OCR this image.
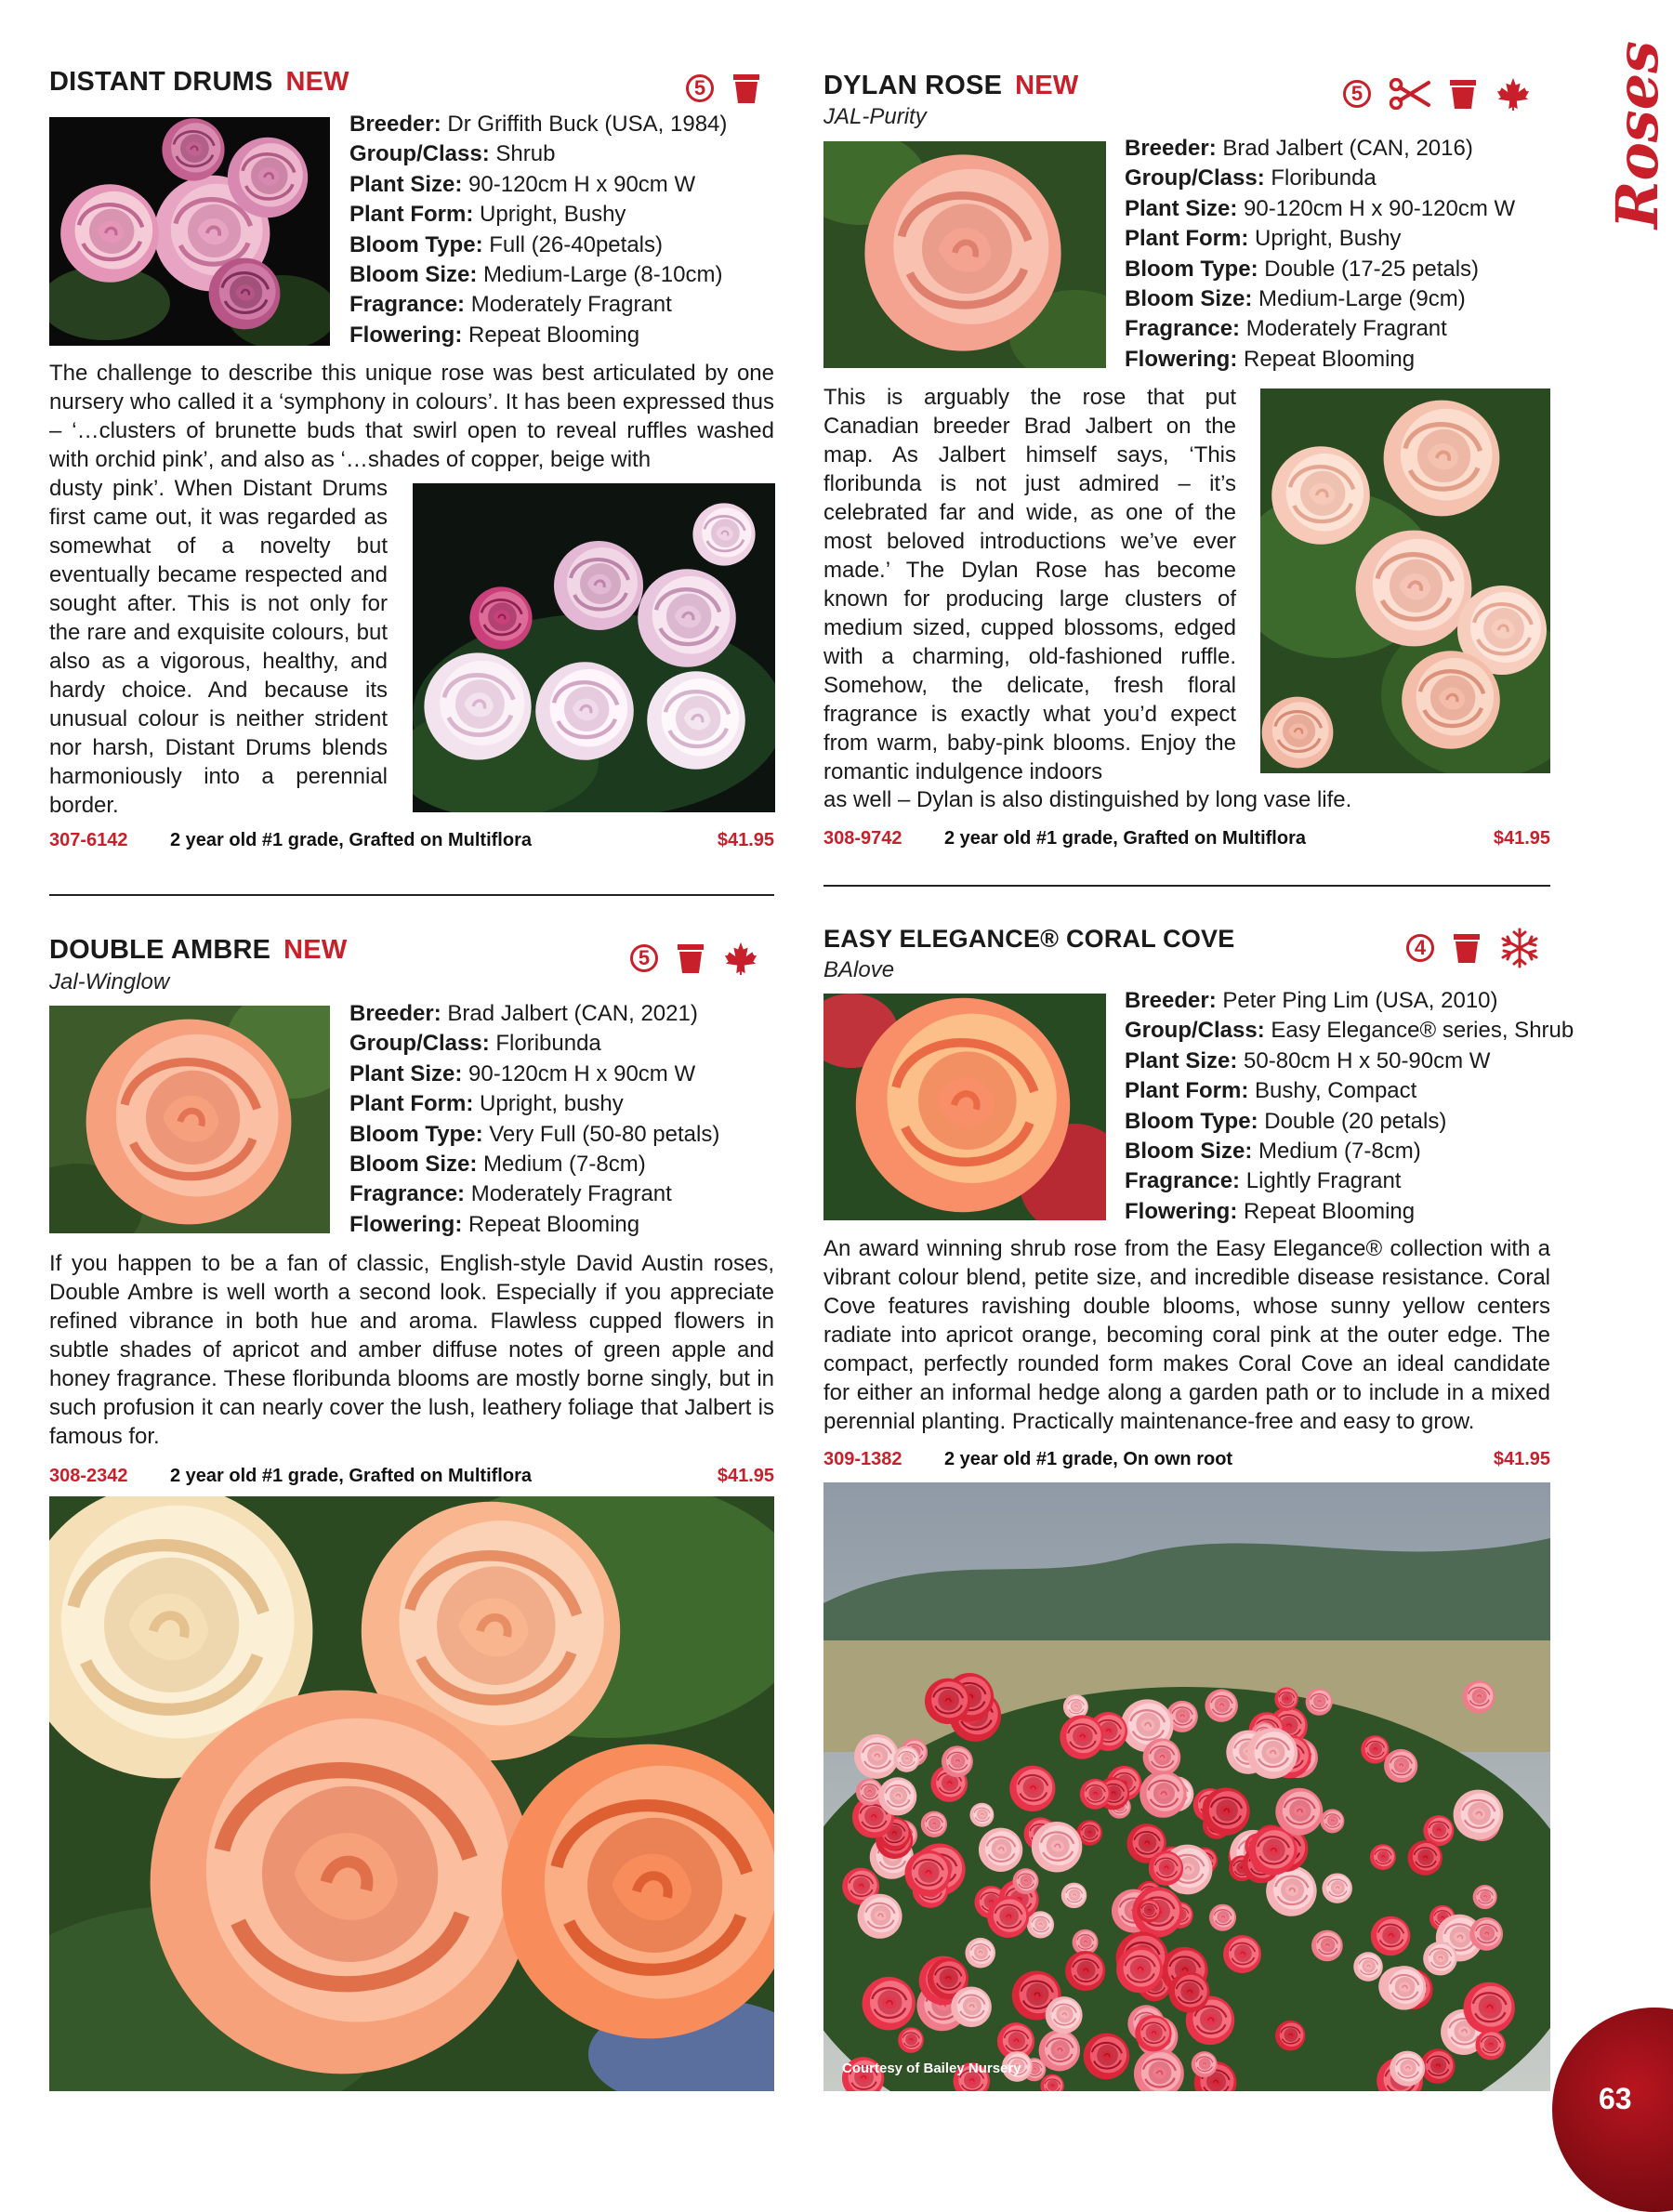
Roses
DISTANT DRUMS NEW	5
Breeder: Dr Griffith Buck (USA, 1984)
Group/Class: Shrub
Plant Size: 90-120cm H x 90cm W
Plant Form: Upright, Bushy
Bloom Type: Full (26-40petals)
Bloom Size: Medium-Large (8-10cm)
Fragrance: Moderately Fragrant
Flowering: Repeat Blooming
The challenge to describe this unique rose was best articulated by one nursery who called it a ‘symphony in colours’. It has been expressed thus – ‘…clusters of brunette buds that swirl open to reveal ruffles washed with orchid pink’, and also as ‘…shades of copper, beige with
dusty pink’. When Distant Drums first came out, it was regarded as somewhat of a novelty but eventually became respected and sought after. This is not only for the rare and exquisite colours, but also as a vigorous, healthy, and hardy choice. And because its unusual colour is neither strident nor harsh, Distant Drums blends harmoniously into a perennial border.
307-6142	2 year old #1 grade, Grafted on Multiflora	$41.95
DYLAN ROSE NEW
JAL-Purity
5
Breeder: Brad Jalbert (CAN, 2016)
Group/Class: Floribunda
Plant Size: 90-120cm H x 90-120cm W
Plant Form: Upright, Bushy
Bloom Type: Double (17-25 petals)
Bloom Size: Medium-Large (9cm)
Fragrance: Moderately Fragrant
Flowering: Repeat Blooming
This is arguably the rose that put Canadian breeder Brad Jalbert on the map. As Jalbert himself says, ‘This floribunda is not just admired – it’s celebrated far and wide, as one of the most beloved introductions we’ve ever made.’ The Dylan Rose has become known for producing large clusters of medium sized, cupped blossoms, edged with a charming, old-fashioned ruffle. Somehow, the delicate, fresh floral fragrance is exactly what you’d expect from warm, baby-pink blooms. Enjoy the romantic indulgence indoors
as well – Dylan is also distinguished by long vase life.
308-9742	2 year old #1 grade, Grafted on Multiflora	$41.95
DOUBLE AMBRE NEW
Jal-Winglow
5
Breeder: Brad Jalbert (CAN, 2021)
Group/Class: Floribunda
Plant Size: 90-120cm H x 90cm W
Plant Form: Upright, bushy
Bloom Type: Very Full (50-80 petals)
Bloom Size: Medium (7-8cm)
Fragrance: Moderately Fragrant
Flowering: Repeat Blooming
If you happen to be a fan of classic, English-style David Austin roses, Double Ambre is well worth a second look. Especially if you appreciate refined vibrance in both hue and aroma. Flawless cupped flowers in subtle shades of apricot and amber diffuse notes of green apple and honey fragrance. These floribunda blooms are mostly borne singly, but in such profusion it can nearly cover the lush, leathery foliage that Jalbert is famous for.
308-2342	2 year old #1 grade, Grafted on Multiflora	$41.95
EASY ELEGANCE® CORAL COVE
BAlove
4
Breeder: Peter Ping Lim (USA, 2010)
Group/Class: Easy Elegance® series, Shrub
Plant Size: 50-80cm H x 50-90cm W
Plant Form: Bushy, Compact
Bloom Type: Double (20 petals)
Bloom Size: Medium (7-8cm)
Fragrance: Lightly Fragrant
Flowering: Repeat Blooming
An award winning shrub rose from the Easy Elegance® collection with a vibrant colour blend, petite size, and incredible disease resistance. Coral Cove features ravishing double blooms, whose sunny yellow centers radiate into apricot orange, becoming coral pink at the outer edge. The compact, perfectly rounded form makes Coral Cove an ideal candidate for either an informal hedge along a garden path or to include in a mixed perennial planting. Practically maintenance-free and easy to grow.
309-1382	2 year old #1 grade, On own root	$41.95
Courtesy of Bailey Nursery
63
